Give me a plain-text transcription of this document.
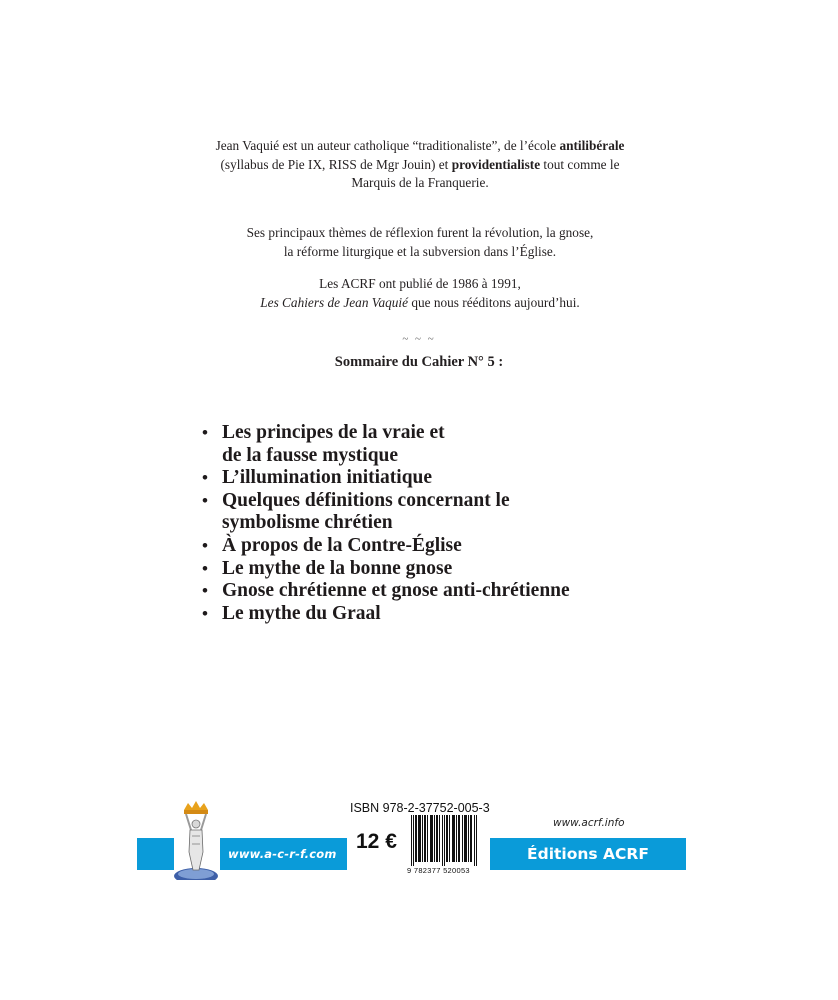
Jean Vaquié est un auteur catholique “traditionaliste”, de l’école antilibérale

(syllabus de Pie IX, RISS de Mgr Jouin) et providentialiste tout comme le

Marquis de la Franquerie.

Ses principaux thèmes de réflexion furent la révolution, la gnose,

la réforme liturgique et la subversion dans l’Église.

Les ACRF ont publié de 1986 à 1991,

Les Cahiers de Jean Vaquié que nous rééditons aujourd’hui.

~ ~ ~
Sommaire du Cahier N° 5 :
• Les principes de la vraie et
de la fausse mystique
• L’illumination initiatique
• Quelques définitions concernant le
symbolisme chrétien
• À propos de la Contre-Église
• Le mythe de la bonne gnose
• Gnose chrétienne et gnose anti-chrétienne
• Le mythe du Graal
www.a-c-r-f.com
ISBN 978-2-37752-005-3
12 €
9 782377 520053
www.acrf.info
Éditions ACRF
